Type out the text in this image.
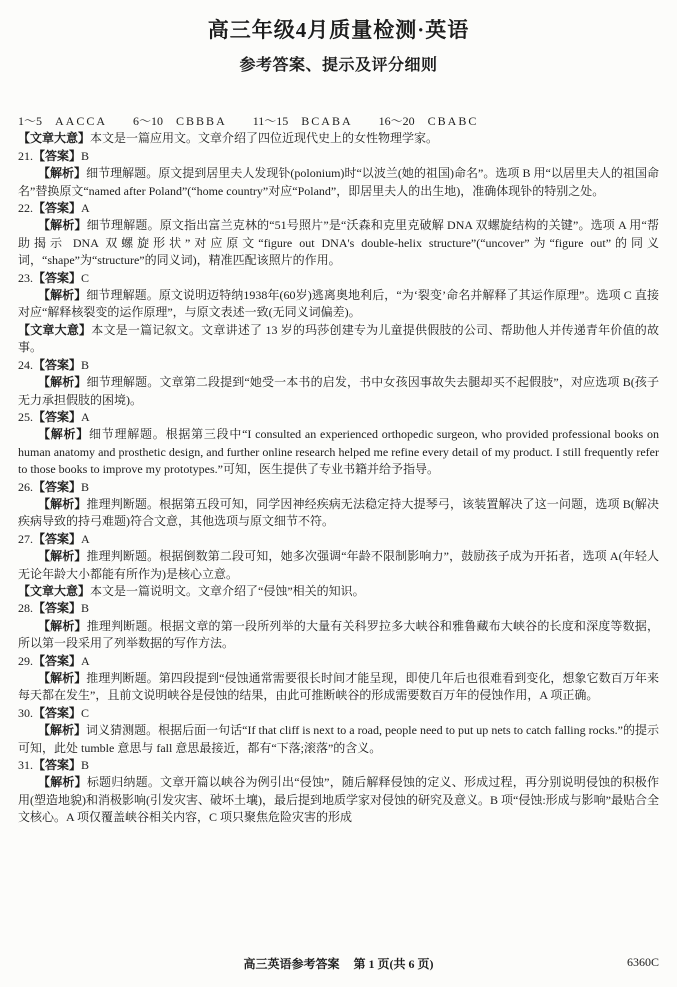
高三年级4月质量检测·英语
参考答案、提示及评分细则

1～5 AACCA 6～10 CBBBA 11～15 BCABA 16～20 CBABC

【文章大意】本文是一篇应用文。文章介绍了四位近现代史上的女性物理学家。

21.【答案】B

【解析】细节理解题。原文提到居里夫人发现钋(polonium)时“以波兰(她的祖国)命名”。选项 B 用“以居里夫人的祖国命名”替换原文“named after Poland”(“home country”对应“Poland”，即居里夫人的出生地)，准确体现钋的特别之处。

22.【答案】A

【解析】细节理解题。原文指出富兰克林的“51号照片”是“沃森和克里克破解 DNA 双螺旋结构的关键”。选项 A 用“帮助揭示 DNA 双螺旋形状”对应原文“figure out DNA's double-helix structure”(“uncover”为“figure out”的同义词，“shape”为“structure”的同义词)，精准匹配该照片的作用。

23.【答案】C

【解析】细节理解题。原文说明迈特纳1938年(60岁)逃离奥地利后，“为‘裂变’命名并解释了其运作原理”。选项 C 直接对应“解释核裂变的运作原理”，与原文表述一致(无同义词偏差)。

【文章大意】本文是一篇记叙文。文章讲述了 13 岁的玛莎创建专为儿童提供假肢的公司、帮助他人并传递青年价值的故事。

24.【答案】B

【解析】细节理解题。文章第二段提到“她受一本书的启发，书中女孩因事故失去腿却买不起假肢”，对应选项 B(孩子无力承担假肢的困境)。

25.【答案】A

【解析】细节理解题。根据第三段中“I consulted an experienced orthopedic surgeon, who provided professional books on human anatomy and prosthetic design, and further online research helped me refine every detail of my product. I still frequently refer to those books to improve my prototypes.”可知，医生提供了专业书籍并给予指导。

26.【答案】B

【解析】推理判断题。根据第五段可知，同学因神经疾病无法稳定持大提琴弓，该装置解决了这一问题，选项 B(解决疾病导致的持弓难题)符合文意，其他选项与原文细节不符。

27.【答案】A

【解析】推理判断题。根据倒数第二段可知，她多次强调“年龄不限制影响力”，鼓励孩子成为开拓者，选项 A(年轻人无论年龄大小都能有所作为)是核心立意。

【文章大意】本文是一篇说明文。文章介绍了“侵蚀”相关的知识。

28.【答案】B

【解析】推理判断题。根据文章的第一段所列举的大量有关科罗拉多大峡谷和雅鲁藏布大峡谷的长度和深度等数据，所以第一段采用了列举数据的写作方法。

29.【答案】A

【解析】推理判断题。第四段提到“侵蚀通常需要很长时间才能呈现，即使几年后也很难看到变化，想象它数百万年来每天都在发生”，且前文说明峡谷是侵蚀的结果，由此可推断峡谷的形成需要数百万年的侵蚀作用，A 项正确。

30.【答案】C

【解析】词义猜测题。根据后面一句话“If that cliff is next to a road, people need to put up nets to catch falling rocks.”的提示可知，此处 tumble 意思与 fall 意思最接近，都有“下落;滚落”的含义。

31.【答案】B

【解析】标题归纳题。文章开篇以峡谷为例引出“侵蚀”，随后解释侵蚀的定义、形成过程，再分别说明侵蚀的积极作用(塑造地貌)和消极影响(引发灾害、破坏土壤)，最后提到地质学家对侵蚀的研究及意义。B 项“侵蚀:形成与影响”最贴合全文核心。A 项仅覆盖峡谷相关内容，C 项只聚焦危险灾害的形成

高三英语参考答案 第 1 页(共 6 页)	6360C
